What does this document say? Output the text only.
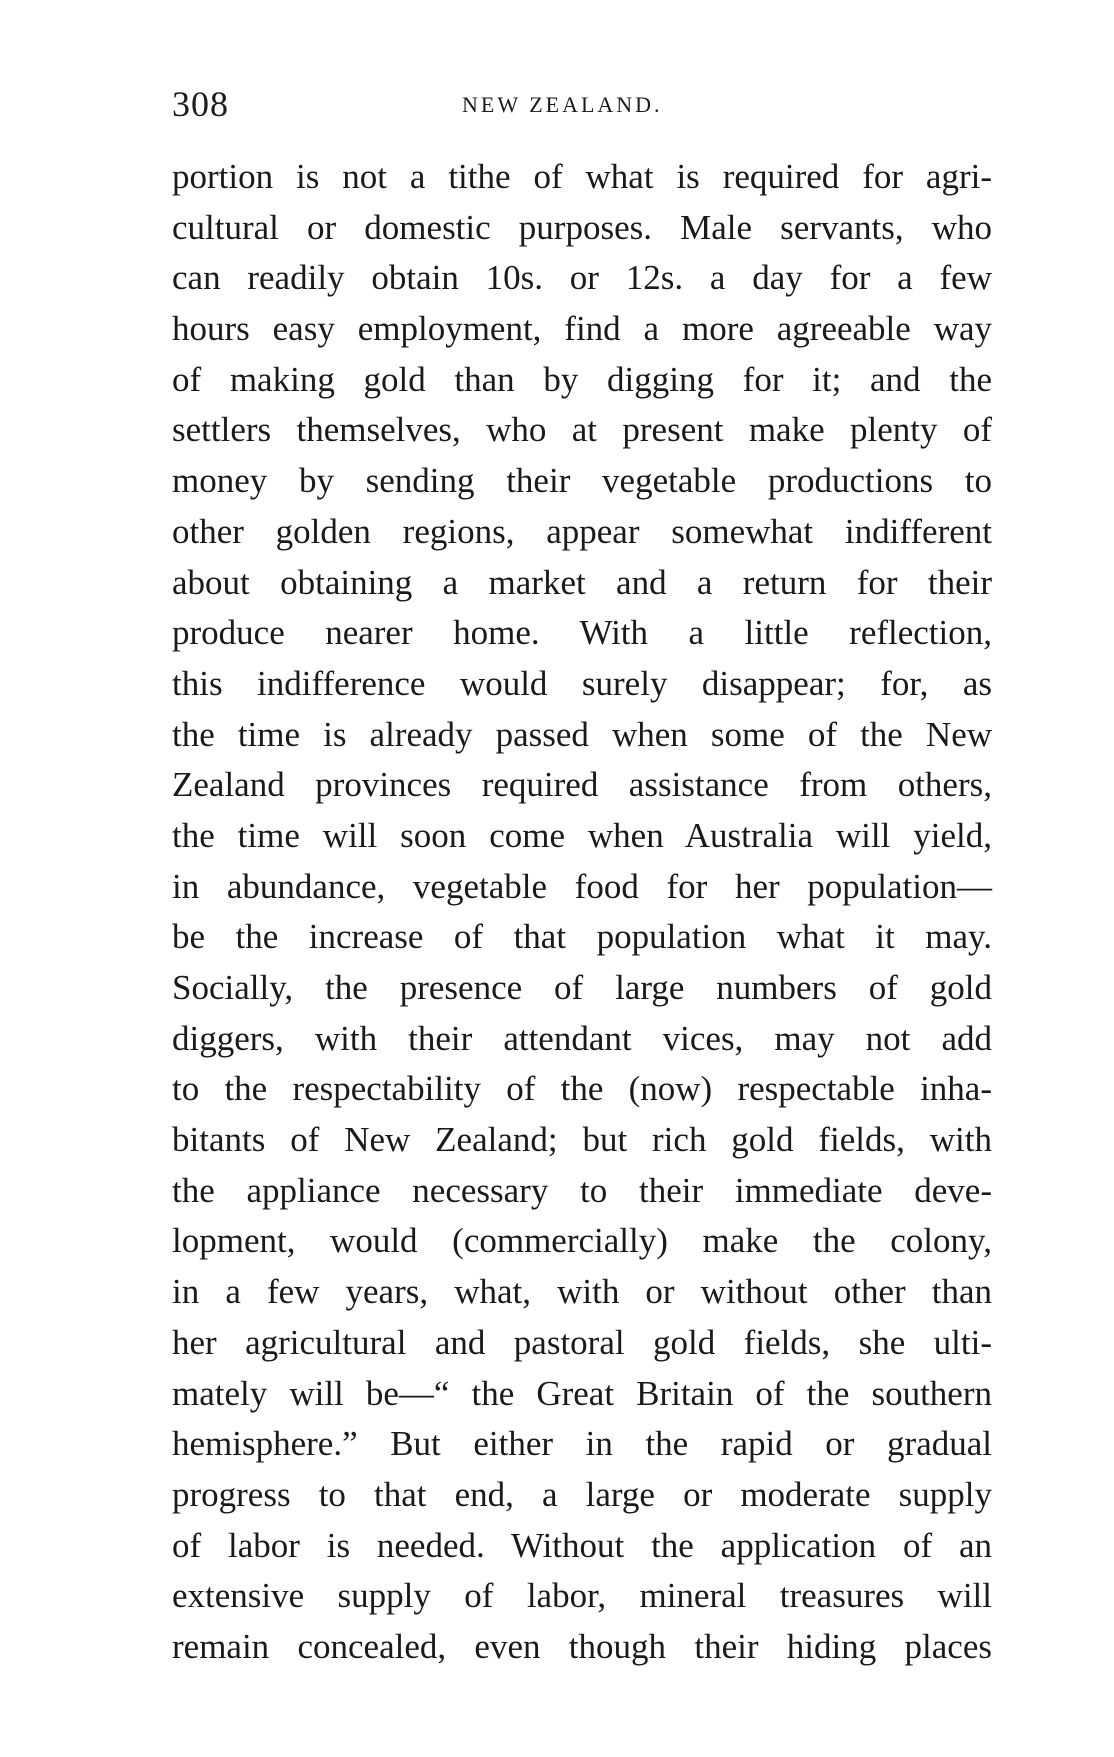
308	NEW ZEALAND.
portion is not a tithe of what is required for agri-
cultural or domestic purposes. Male servants, who
can readily obtain 10s. or 12s. a day for a few
hours easy employment, find a more agreeable way
of making gold than by digging for it; and the
settlers themselves, who at present make plenty of
money by sending their vegetable productions to
other golden regions, appear somewhat indifferent
about obtaining a market and a return for their
produce nearer home. With a little reflection,
this indifference would surely disappear; for, as
the time is already passed when some of the New
Zealand provinces required assistance from others,
the time will soon come when Australia will yield,
in abundance, vegetable food for her population—
be the increase of that population what it may.
Socially, the presence of large numbers of gold
diggers, with their attendant vices, may not add
to the respectability of the (now) respectable inha-
bitants of New Zealand; but rich gold fields, with
the appliance necessary to their immediate deve-
lopment, would (commercially) make the colony,
in a few years, what, with or without other than
her agricultural and pastoral gold fields, she ulti-
mately will be—“ the Great Britain of the southern
hemisphere.” But either in the rapid or gradual
progress to that end, a large or moderate supply
of labor is needed. Without the application of an
extensive supply of labor, mineral treasures will
remain concealed, even though their hiding places
